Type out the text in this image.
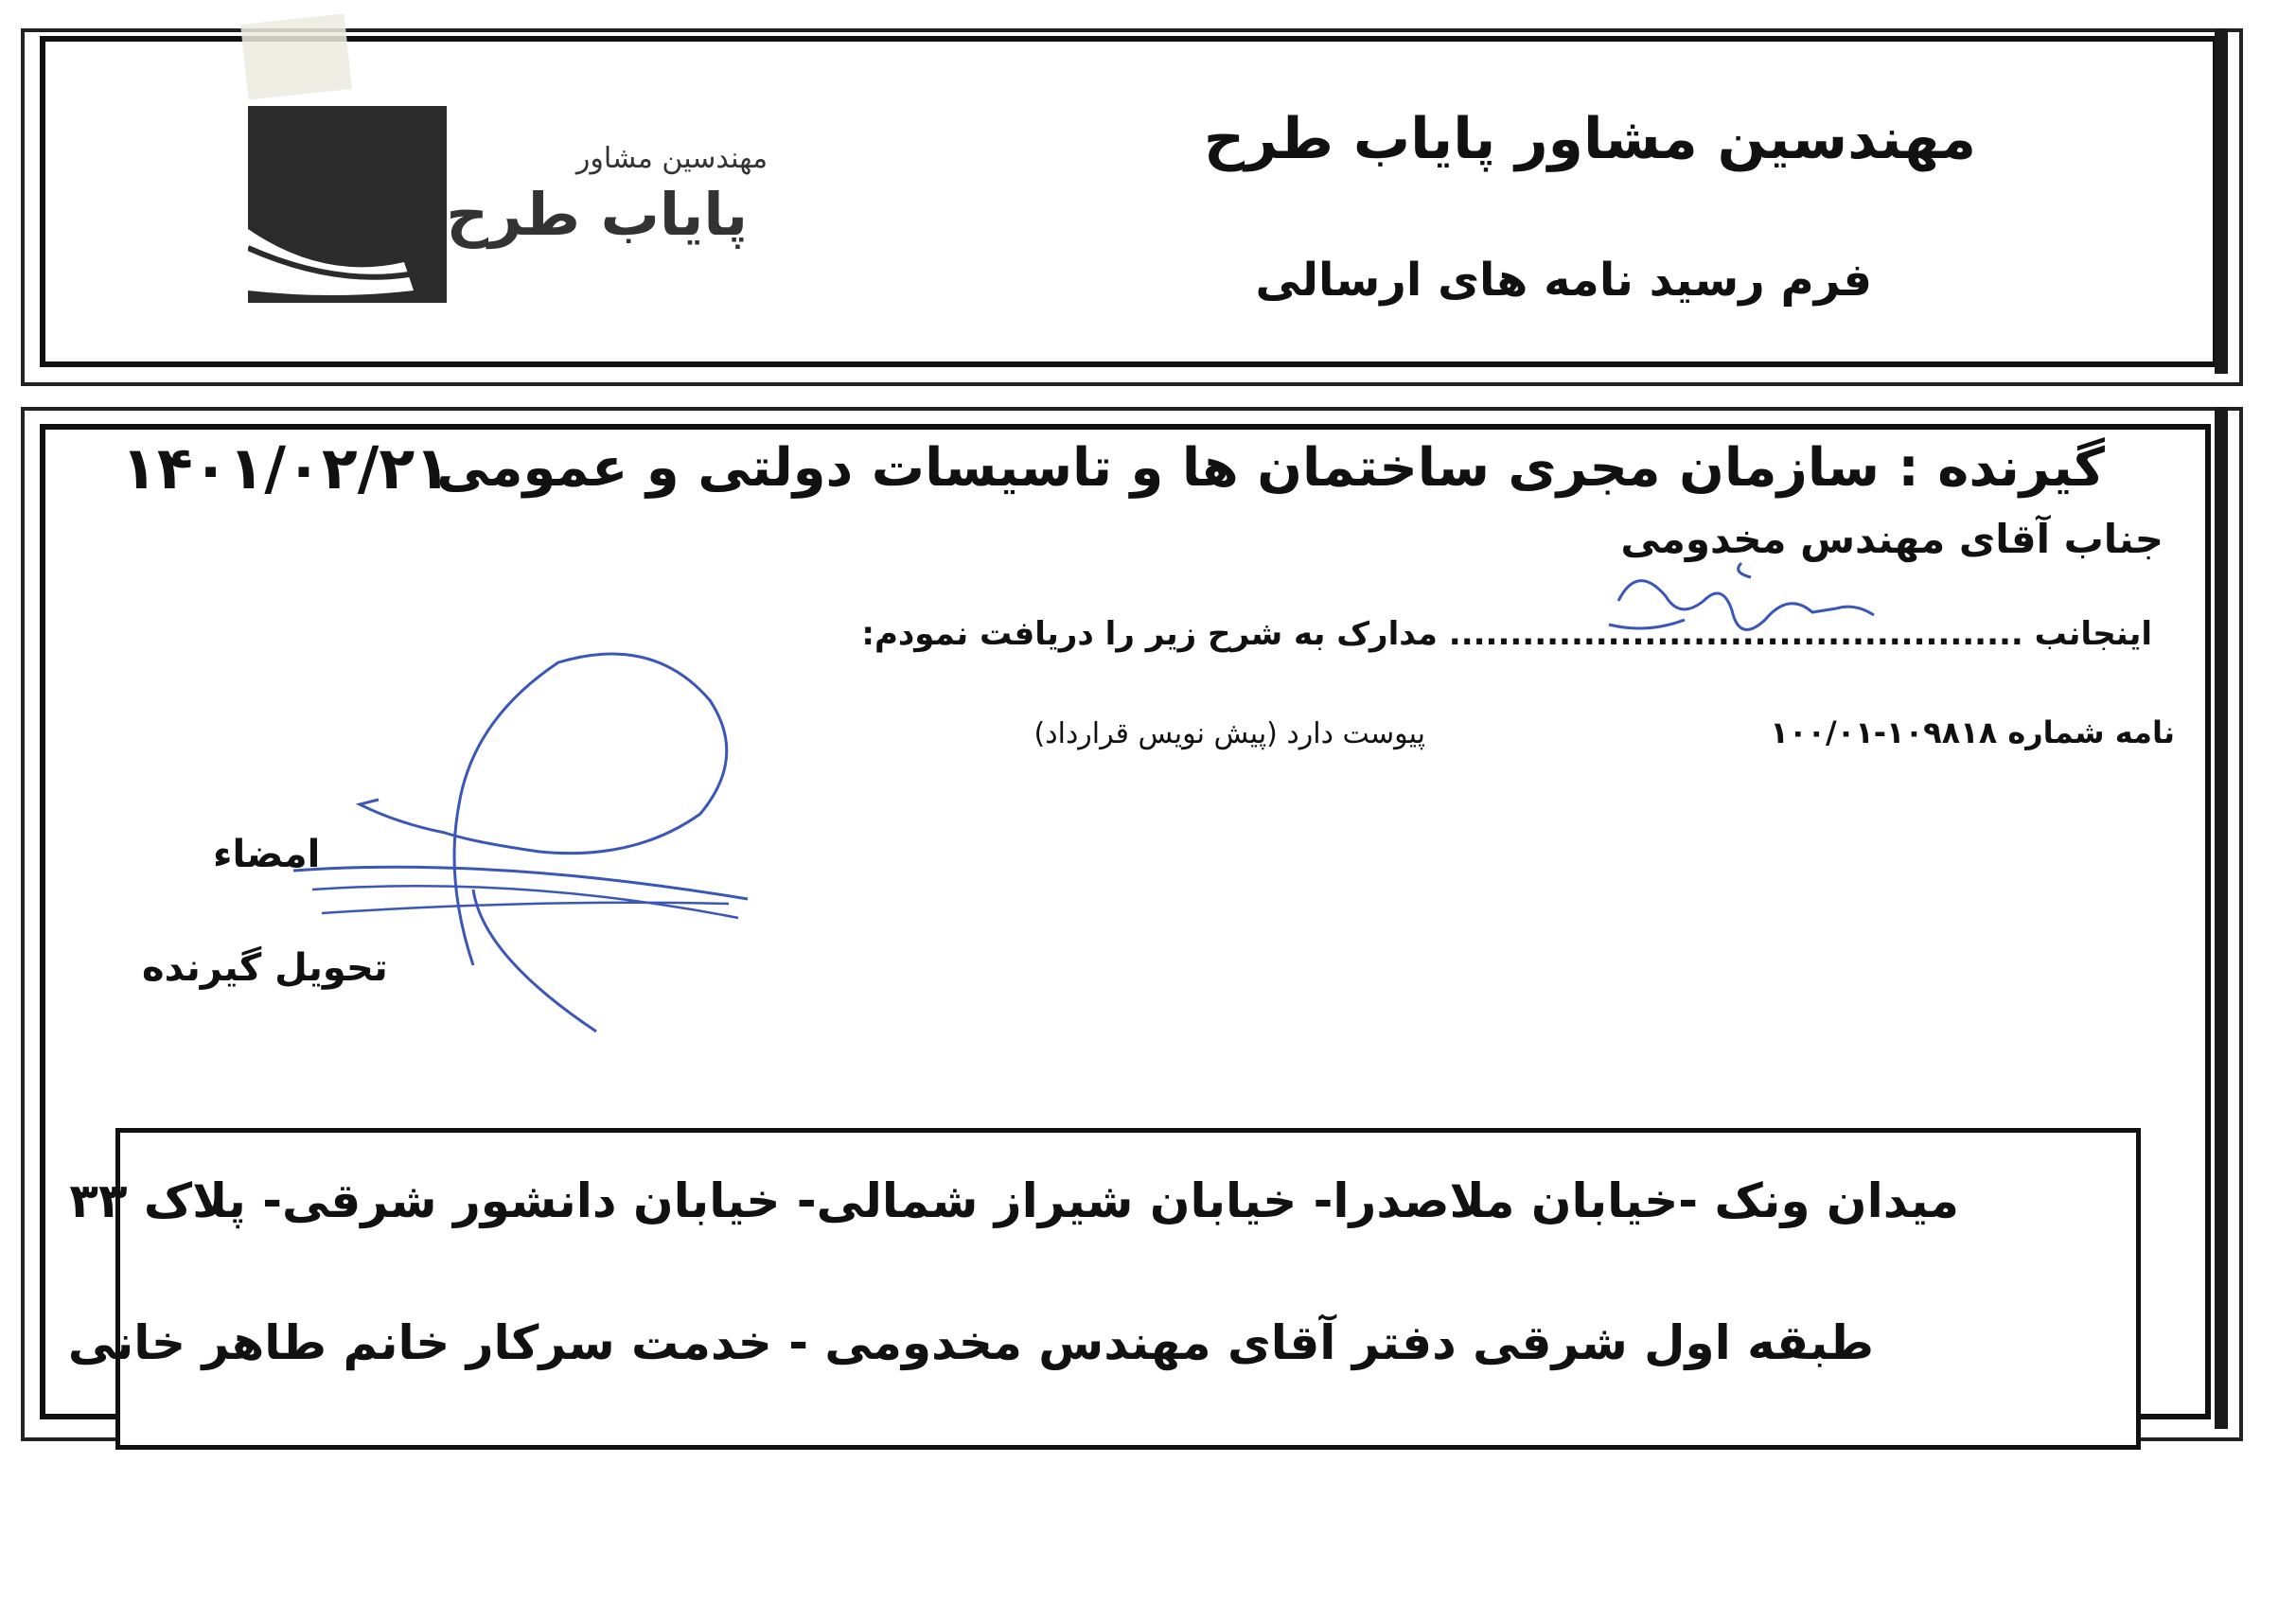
مهندسین مشاور
پایاب طرح
مهندسین مشاور پایاب طرح
فرم رسید نامه های ارسالی
۱۴۰۱/۰۲/۲۱
گیرنده : سازمان مجری ساختمان ها و تاسیسات دولتی و عمومی
جناب آقای مهندس مخدومی
اینجانب ............................................... مدارک به شرح زیر را دریافت نمودم:
نامه شماره ۱۰۹۸۱۸-۱۰۰/۰۱
پیوست دارد (پیش نویس قرارداد)
امضاء
تحویل گیرنده
میدان ونک -خیابان ملاصدرا- خیابان شیراز شمالی- خیابان دانشور شرقی- پلاک ۳۳
طبقه اول شرقی دفتر آقای مهندس مخدومی - خدمت سرکار خانم طاهر خانی
